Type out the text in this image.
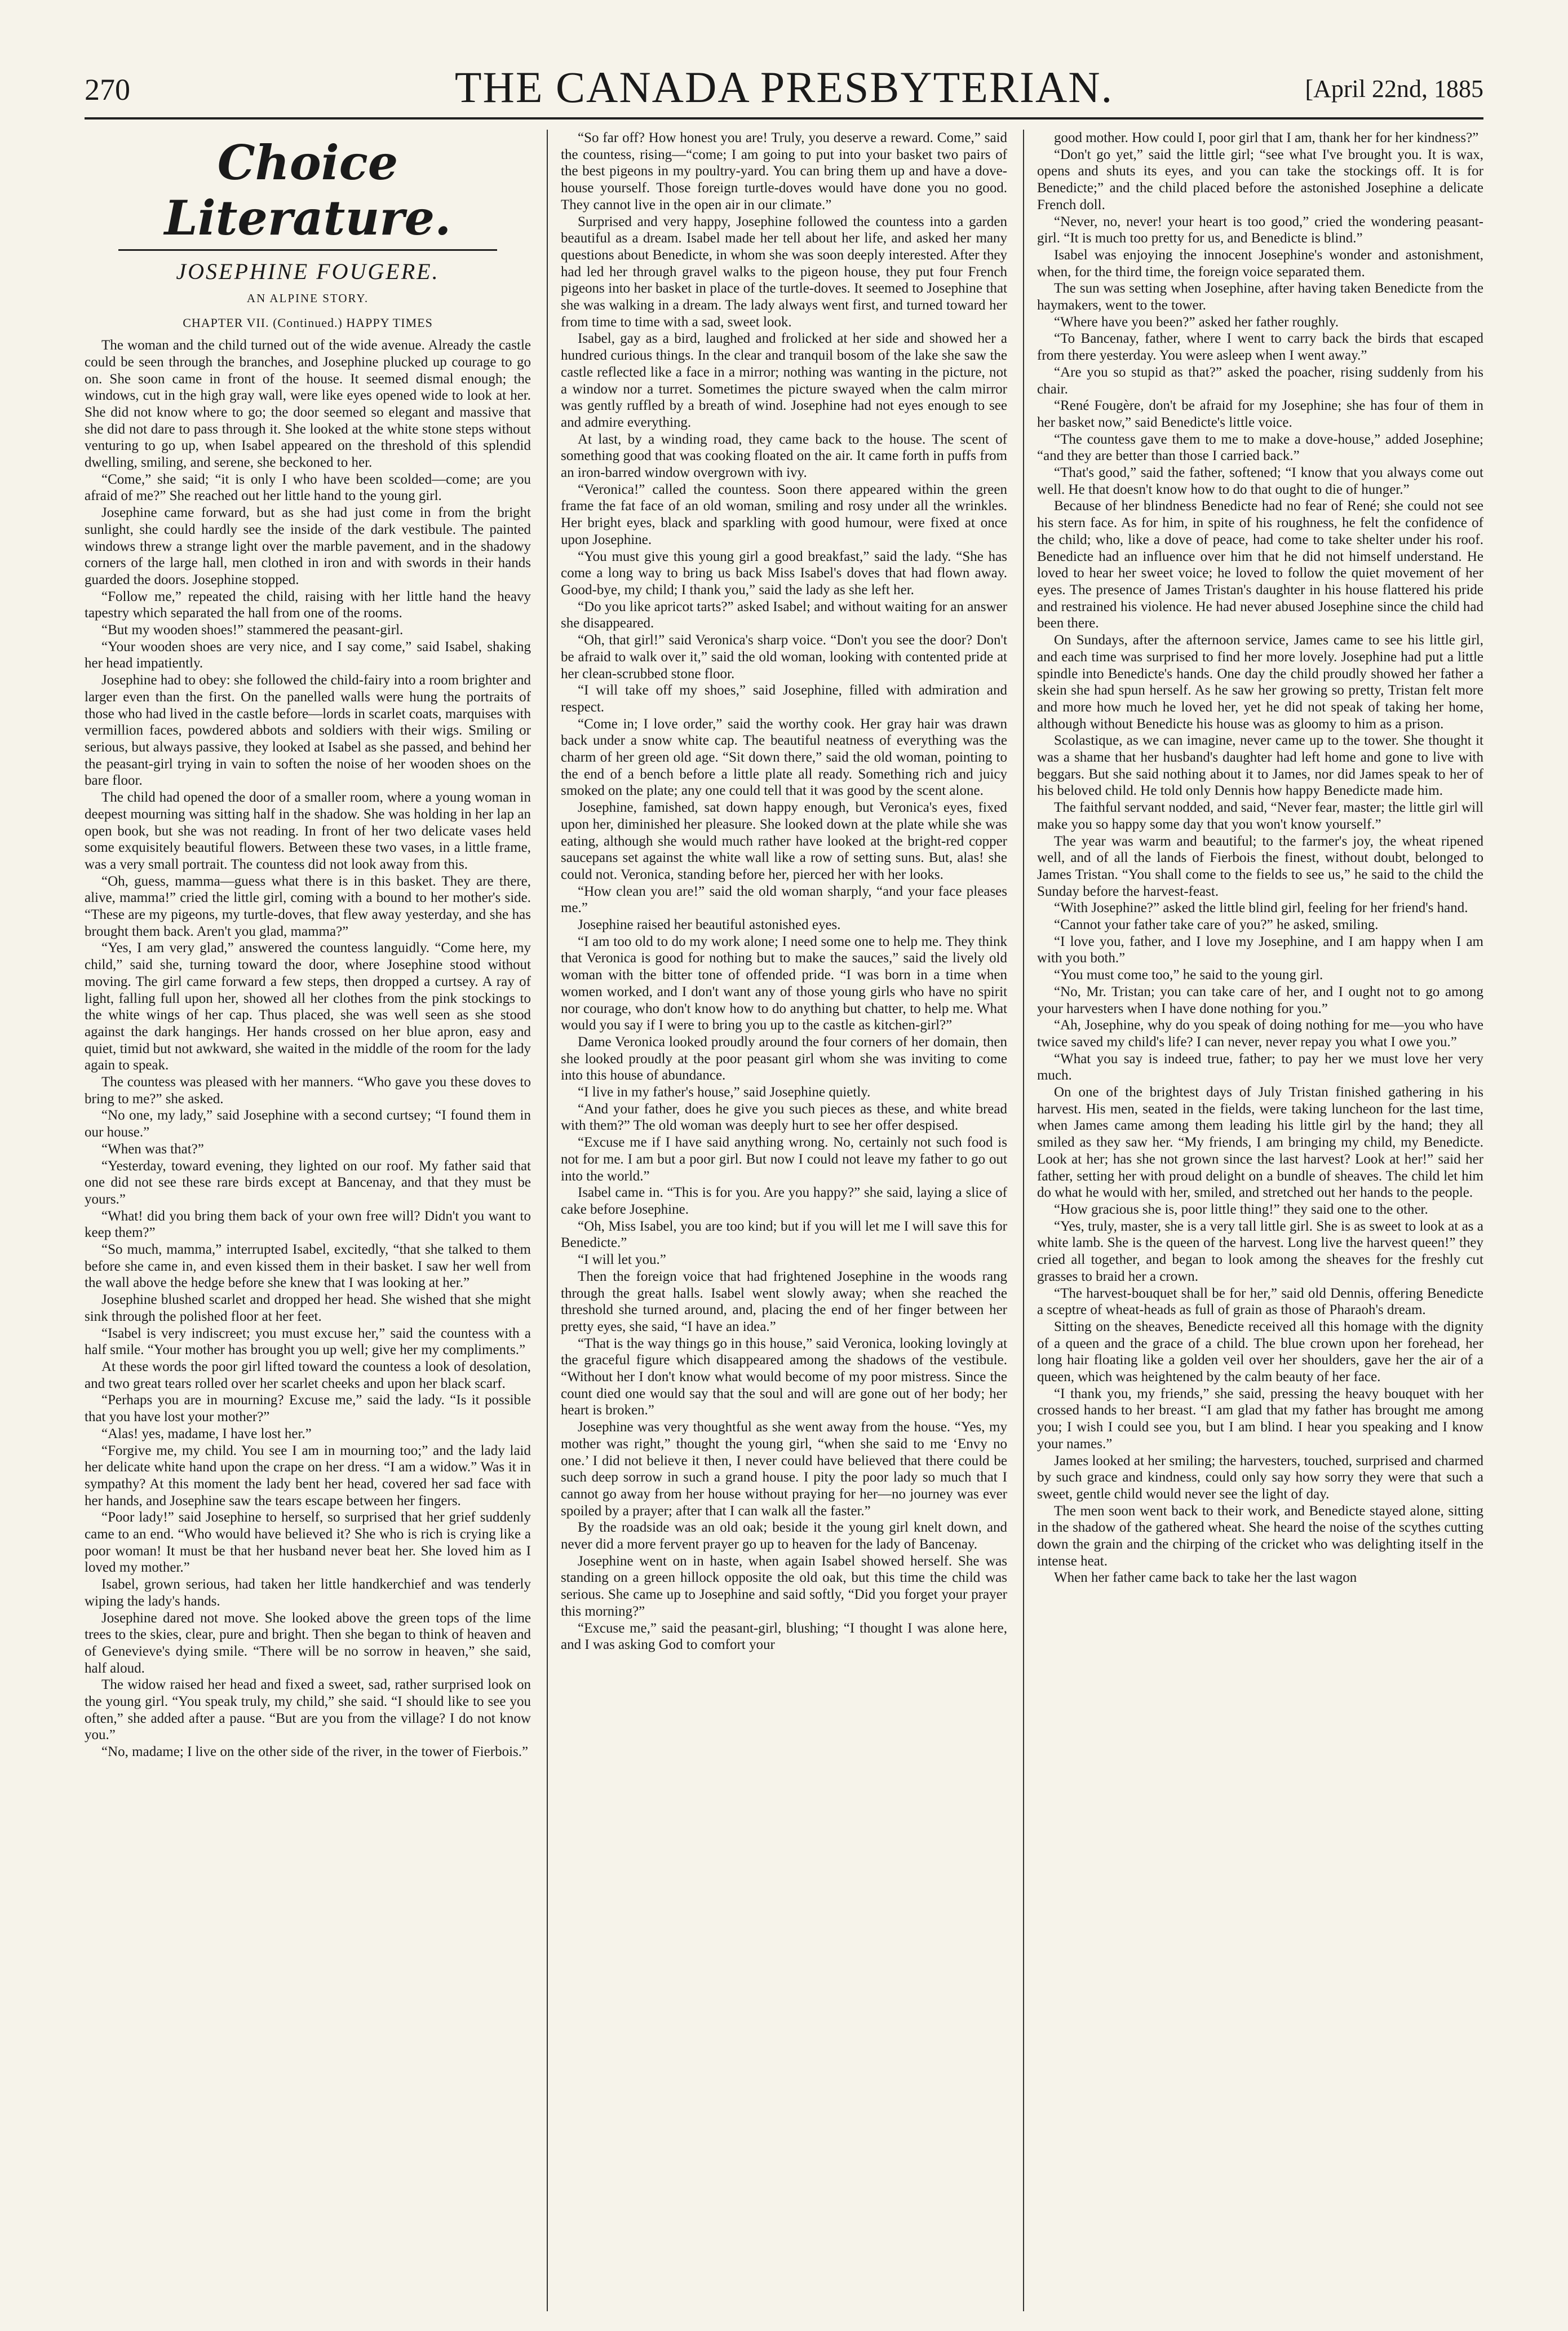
270	THE CANADA PRESBYTERIAN.	[April 22nd, 1885
Choice Literature.
JOSEPHINE FOUGERE.
AN ALPINE STORY.
CHAPTER VII. (Continued.) HAPPY TIMES

The woman and the child turned out of the wide avenue. Already the castle could be seen through the branches, and Josephine plucked up courage to go on. She soon came in front of the house. It seemed dismal enough; the windows, cut in the high gray wall, were like eyes opened wide to look at her. She did not know where to go; the door seemed so elegant and massive that she did not dare to pass through it. She looked at the white stone steps without venturing to go up, when Isabel appeared on the threshold of this splendid dwelling, smiling, and serene, she beckoned to her.

“Come,” she said; “it is only I who have been scolded—come; are you afraid of me?” She reached out her little hand to the young girl.

Josephine came forward, but as she had just come in from the bright sunlight, she could hardly see the inside of the dark vestibule. The painted windows threw a strange light over the marble pavement, and in the shadowy corners of the large hall, men clothed in iron and with swords in their hands guarded the doors. Josephine stopped.

“Follow me,” repeated the child, raising with her little hand the heavy tapestry which separated the hall from one of the rooms.

“But my wooden shoes!” stammered the peasant-girl.

“Your wooden shoes are very nice, and I say come,” said Isabel, shaking her head impatiently.

Josephine had to obey: she followed the child-fairy into a room brighter and larger even than the first. On the panelled walls were hung the portraits of those who had lived in the castle before—lords in scarlet coats, marquises with vermillion faces, powdered abbots and soldiers with their wigs. Smiling or serious, but always passive, they looked at Isabel as she passed, and behind her the peasant-girl trying in vain to soften the noise of her wooden shoes on the bare floor.

The child had opened the door of a smaller room, where a young woman in deepest mourning was sitting half in the shadow. She was holding in her lap an open book, but she was not reading. In front of her two delicate vases held some exquisitely beautiful flowers. Between these two vases, in a little frame, was a very small portrait. The countess did not look away from this.

“Oh, guess, mamma—guess what there is in this basket. They are there, alive, mamma!” cried the little girl, coming with a bound to her mother's side. “These are my pigeons, my turtle-doves, that flew away yesterday, and she has brought them back. Aren't you glad, mamma?”

“Yes, I am very glad,” answered the countess languidly. “Come here, my child,” said she, turning toward the door, where Josephine stood without moving. The girl came forward a few steps, then dropped a curtsey. A ray of light, falling full upon her, showed all her clothes from the pink stockings to the white wings of her cap. Thus placed, she was well seen as she stood against the dark hangings. Her hands crossed on her blue apron, easy and quiet, timid but not awkward, she waited in the middle of the room for the lady again to speak.

The countess was pleased with her manners. “Who gave you these doves to bring to me?” she asked.

“No one, my lady,” said Josephine with a second curtsey; “I found them in our house.”

“When was that?”

“Yesterday, toward evening, they lighted on our roof. My father said that one did not see these rare birds except at Bancenay, and that they must be yours.”

“What! did you bring them back of your own free will? Didn't you want to keep them?”

“So much, mamma,” interrupted Isabel, excitedly, “that she talked to them before she came in, and even kissed them in their basket. I saw her well from the wall above the hedge before she knew that I was looking at her.”

Josephine blushed scarlet and dropped her head. She wished that she might sink through the polished floor at her feet.

“Isabel is very indiscreet; you must excuse her,” said the countess with a half smile. “Your mother has brought you up well; give her my compliments.”

At these words the poor girl lifted toward the countess a look of desolation, and two great tears rolled over her scarlet cheeks and upon her black scarf.

“Perhaps you are in mourning? Excuse me,” said the lady. “Is it possible that you have lost your mother?”

“Alas! yes, madame, I have lost her.”

“Forgive me, my child. You see I am in mourning too;” and the lady laid her delicate white hand upon the crape on her dress. “I am a widow.” Was it in sympathy? At this moment the lady bent her head, covered her sad face with her hands, and Josephine saw the tears escape between her fingers.

“Poor lady!” said Josephine to herself, so surprised that her grief suddenly came to an end. “Who would have believed it? She who is rich is crying like a poor woman! It must be that her husband never beat her. She loved him as I loved my mother.”

Isabel, grown serious, had taken her little handkerchief and was tenderly wiping the lady's hands.

Josephine dared not move. She looked above the green tops of the lime trees to the skies, clear, pure and bright. Then she began to think of heaven and of Genevieve's dying smile. “There will be no sorrow in heaven,” she said, half aloud.

The widow raised her head and fixed a sweet, sad, rather surprised look on the young girl. “You speak truly, my child,” she said. “I should like to see you often,” she added after a pause. “But are you from the village? I do not know you.”

“No, madame; I live on the other side of the river, in the tower of Fierbois.”

“So far off? How honest you are! Truly, you deserve a reward. Come,” said the countess, rising—“come; I am going to put into your basket two pairs of the best pigeons in my poultry-yard. You can bring them up and have a dove-house yourself. Those foreign turtle-doves would have done you no good. They cannot live in the open air in our climate.”

Surprised and very happy, Josephine followed the countess into a garden beautiful as a dream. Isabel made her tell about her life, and asked her many questions about Benedicte, in whom she was soon deeply interested. After they had led her through gravel walks to the pigeon house, they put four French pigeons into her basket in place of the turtle-doves. It seemed to Josephine that she was walking in a dream. The lady always went first, and turned toward her from time to time with a sad, sweet look.

Isabel, gay as a bird, laughed and frolicked at her side and showed her a hundred curious things. In the clear and tranquil bosom of the lake she saw the castle reflected like a face in a mirror; nothing was wanting in the picture, not a window nor a turret. Sometimes the picture swayed when the calm mirror was gently ruffled by a breath of wind. Josephine had not eyes enough to see and admire everything.

At last, by a winding road, they came back to the house. The scent of something good that was cooking floated on the air. It came forth in puffs from an iron-barred window overgrown with ivy.

“Veronica!” called the countess. Soon there appeared within the green frame the fat face of an old woman, smiling and rosy under all the wrinkles. Her bright eyes, black and sparkling with good humour, were fixed at once upon Josephine.

“You must give this young girl a good breakfast,” said the lady. “She has come a long way to bring us back Miss Isabel's doves that had flown away. Good-bye, my child; I thank you,” said the lady as she left her.

“Do you like apricot tarts?” asked Isabel; and without waiting for an answer she disappeared.

“Oh, that girl!” said Veronica's sharp voice. “Don't you see the door? Don't be afraid to walk over it,” said the old woman, looking with contented pride at her clean-scrubbed stone floor.

“I will take off my shoes,” said Josephine, filled with admiration and respect.

“Come in; I love order,” said the worthy cook. Her gray hair was drawn back under a snow white cap. The beautiful neatness of everything was the charm of her green old age. “Sit down there,” said the old woman, pointing to the end of a bench before a little plate all ready. Something rich and juicy smoked on the plate; any one could tell that it was good by the scent alone.

Josephine, famished, sat down happy enough, but Veronica's eyes, fixed upon her, diminished her pleasure. She looked down at the plate while she was eating, although she would much rather have looked at the bright-red copper saucepans set against the white wall like a row of setting suns. But, alas! she could not. Veronica, standing before her, pierced her with her looks.

“How clean you are!” said the old woman sharply, “and your face pleases me.”

Josephine raised her beautiful astonished eyes.

“I am too old to do my work alone; I need some one to help me. They think that Veronica is good for nothing but to make the sauces,” said the lively old woman with the bitter tone of offended pride. “I was born in a time when women worked, and I don't want any of those young girls who have no spirit nor courage, who don't know how to do anything but chatter, to help me. What would you say if I were to bring you up to the castle as kitchen-girl?”

Dame Veronica looked proudly around the four corners of her domain, then she looked proudly at the poor peasant girl whom she was inviting to come into this house of abundance.

“I live in my father's house,” said Josephine quietly.

“And your father, does he give you such pieces as these, and white bread with them?” The old woman was deeply hurt to see her offer despised.

“Excuse me if I have said anything wrong. No, certainly not such food is not for me. I am but a poor girl. But now I could not leave my father to go out into the world.”

Isabel came in. “This is for you. Are you happy?” she said, laying a slice of cake before Josephine.

“Oh, Miss Isabel, you are too kind; but if you will let me I will save this for Benedicte.”

“I will let you.”

Then the foreign voice that had frightened Josephine in the woods rang through the great halls. Isabel went slowly away; when she reached the threshold she turned around, and, placing the end of her finger between her pretty eyes, she said, “I have an idea.”

“That is the way things go in this house,” said Veronica, looking lovingly at the graceful figure which disappeared among the shadows of the vestibule. “Without her I don't know what would become of my poor mistress. Since the count died one would say that the soul and will are gone out of her body; her heart is broken.”

Josephine was very thoughtful as she went away from the house. “Yes, my mother was right,” thought the young girl, “when she said to me ‘Envy no one.’ I did not believe it then, I never could have believed that there could be such deep sorrow in such a grand house. I pity the poor lady so much that I cannot go away from her house without praying for her—no journey was ever spoiled by a prayer; after that I can walk all the faster.”

By the roadside was an old oak; beside it the young girl knelt down, and never did a more fervent prayer go up to heaven for the lady of Bancenay.

Josephine went on in haste, when again Isabel showed herself. She was standing on a green hillock opposite the old oak, but this time the child was serious. She came up to Josephine and said softly, “Did you forget your prayer this morning?”

“Excuse me,” said the peasant-girl, blushing; “I thought I was alone here, and I was asking God to comfort your

good mother. How could I, poor girl that I am, thank her for her kindness?”

“Don't go yet,” said the little girl; “see what I've brought you. It is wax, opens and shuts its eyes, and you can take the stockings off. It is for Benedicte;” and the child placed before the astonished Josephine a delicate French doll.

“Never, no, never! your heart is too good,” cried the wondering peasant-girl. “It is much too pretty for us, and Benedicte is blind.”

Isabel was enjoying the innocent Josephine's wonder and astonishment, when, for the third time, the foreign voice separated them.

The sun was setting when Josephine, after having taken Benedicte from the haymakers, went to the tower.

“Where have you been?” asked her father roughly.

“To Bancenay, father, where I went to carry back the birds that escaped from there yesterday. You were asleep when I went away.”

“Are you so stupid as that?” asked the poacher, rising suddenly from his chair.

“René Fougère, don't be afraid for my Josephine; she has four of them in her basket now,” said Benedicte's little voice.

“The countess gave them to me to make a dove-house,” added Josephine; “and they are better than those I carried back.”

“That's good,” said the father, softened; “I know that you always come out well. He that doesn't know how to do that ought to die of hunger.”

Because of her blindness Benedicte had no fear of René; she could not see his stern face. As for him, in spite of his roughness, he felt the confidence of the child; who, like a dove of peace, had come to take shelter under his roof. Benedicte had an influence over him that he did not himself understand. He loved to hear her sweet voice; he loved to follow the quiet movement of her eyes. The presence of James Tristan's daughter in his house flattered his pride and restrained his violence. He had never abused Josephine since the child had been there.

On Sundays, after the afternoon service, James came to see his little girl, and each time was surprised to find her more lovely. Josephine had put a little spindle into Benedicte's hands. One day the child proudly showed her father a skein she had spun herself. As he saw her growing so pretty, Tristan felt more and more how much he loved her, yet he did not speak of taking her home, although without Benedicte his house was as gloomy to him as a prison.

Scolastique, as we can imagine, never came up to the tower. She thought it was a shame that her husband's daughter had left home and gone to live with beggars. But she said nothing about it to James, nor did James speak to her of his beloved child. He told only Dennis how happy Benedicte made him.

The faithful servant nodded, and said, “Never fear, master; the little girl will make you so happy some day that you won't know yourself.”

The year was warm and beautiful; to the farmer's joy, the wheat ripened well, and of all the lands of Fierbois the finest, without doubt, belonged to James Tristan. “You shall come to the fields to see us,” he said to the child the Sunday before the harvest-feast.

“With Josephine?” asked the little blind girl, feeling for her friend's hand.

“Cannot your father take care of you?” he asked, smiling.

“I love you, father, and I love my Josephine, and I am happy when I am with you both.”

“You must come too,” he said to the young girl.

“No, Mr. Tristan; you can take care of her, and I ought not to go among your harvesters when I have done nothing for you.”

“Ah, Josephine, why do you speak of doing nothing for me—you who have twice saved my child's life? I can never, never repay you what I owe you.”

“What you say is indeed true, father; to pay her we must love her very much.

On one of the brightest days of July Tristan finished gathering in his harvest. His men, seated in the fields, were taking luncheon for the last time, when James came among them leading his little girl by the hand; they all smiled as they saw her. “My friends, I am bringing my child, my Benedicte. Look at her; has she not grown since the last harvest? Look at her!” said her father, setting her with proud delight on a bundle of sheaves. The child let him do what he would with her, smiled, and stretched out her hands to the people.

“How gracious she is, poor little thing!” they said one to the other.

“Yes, truly, master, she is a very tall little girl. She is as sweet to look at as a white lamb. She is the queen of the harvest. Long live the harvest queen!” they cried all together, and began to look among the sheaves for the freshly cut grasses to braid her a crown.

“The harvest-bouquet shall be for her,” said old Dennis, offering Benedicte a sceptre of wheat-heads as full of grain as those of Pharaoh's dream.

Sitting on the sheaves, Benedicte received all this homage with the dignity of a queen and the grace of a child. The blue crown upon her forehead, her long hair floating like a golden veil over her shoulders, gave her the air of a queen, which was heightened by the calm beauty of her face.

“I thank you, my friends,” she said, pressing the heavy bouquet with her crossed hands to her breast. “I am glad that my father has brought me among you; I wish I could see you, but I am blind. I hear you speaking and I know your names.”

James looked at her smiling; the harvesters, touched, surprised and charmed by such grace and kindness, could only say how sorry they were that such a sweet, gentle child would never see the light of day.

The men soon went back to their work, and Benedicte stayed alone, sitting in the shadow of the gathered wheat. She heard the noise of the scythes cutting down the grain and the chirping of the cricket who was delighting itself in the intense heat.

When her father came back to take her the last wagon
